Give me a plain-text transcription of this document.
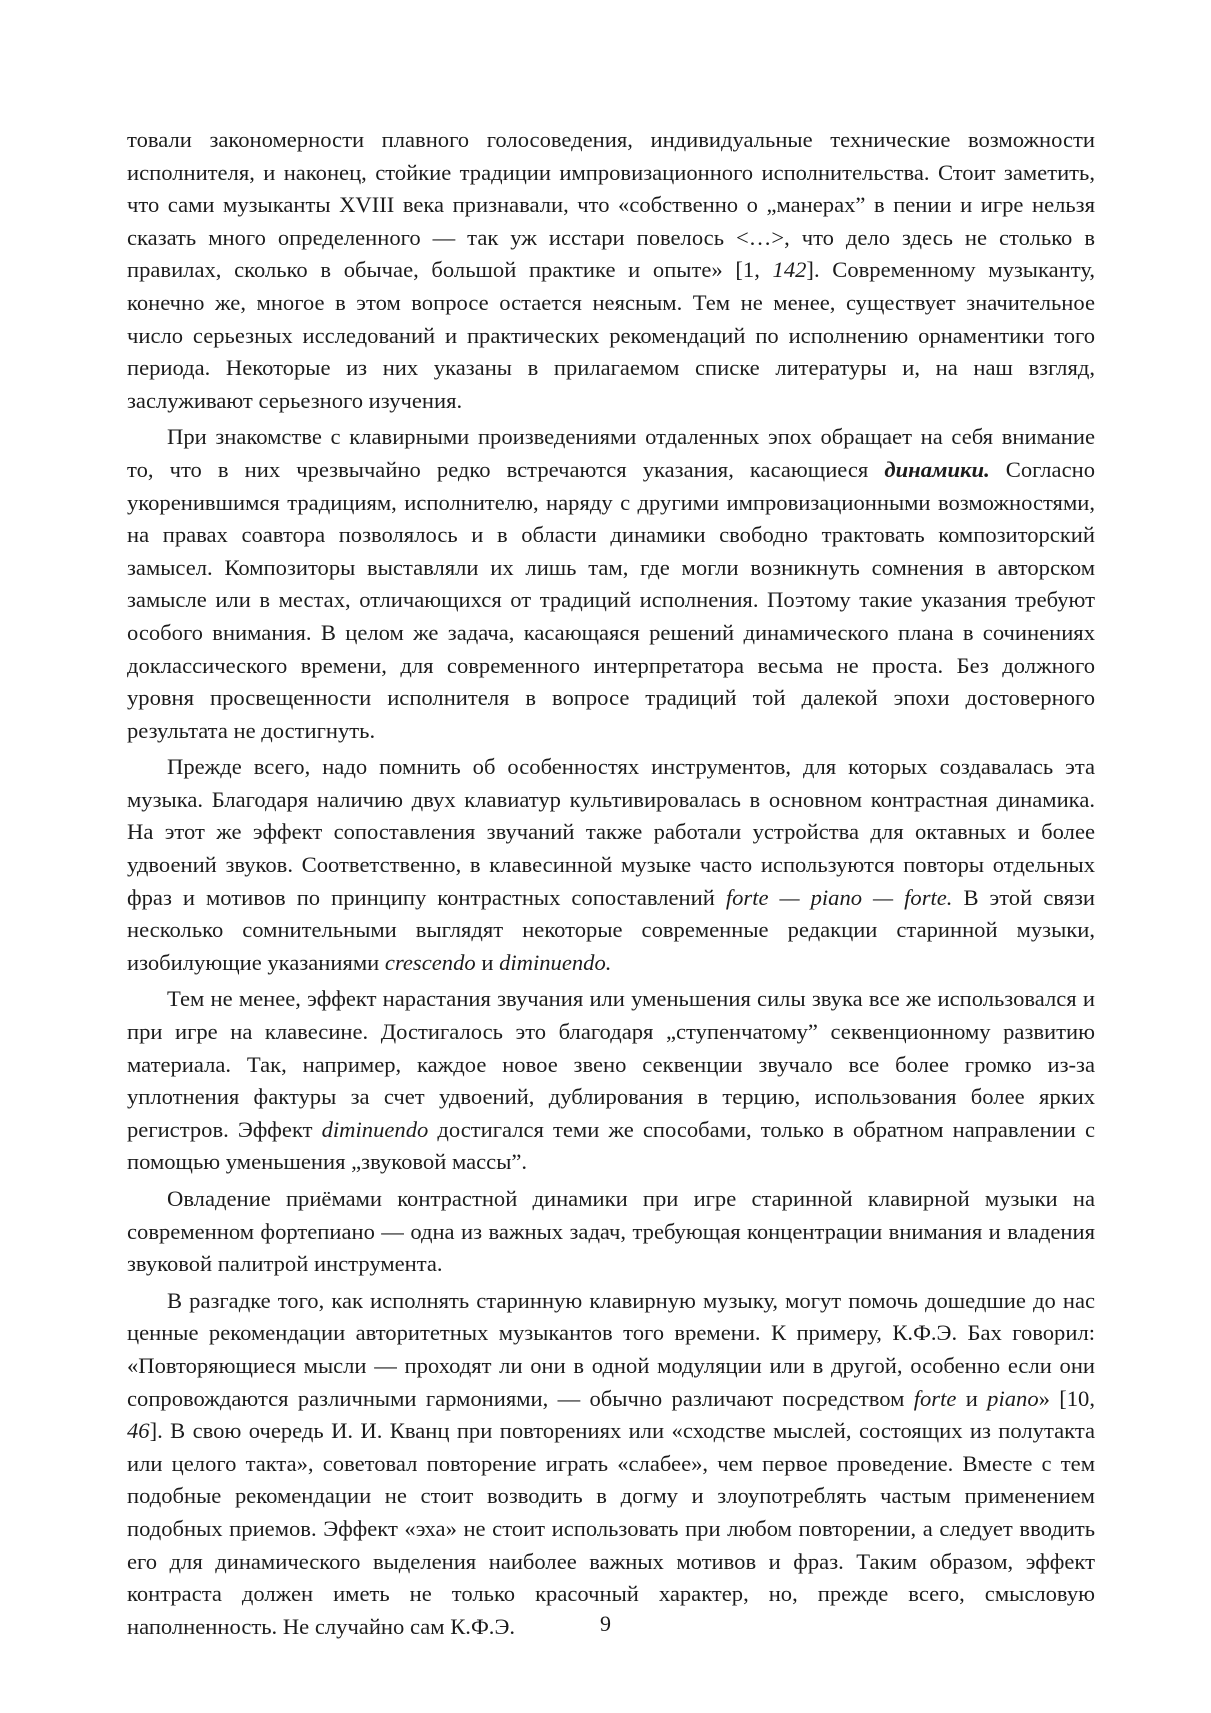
товали закономерности плавного голосоведения, индивидуальные технические возможности исполнителя, и наконец, стойкие традиции импровизационного исполнительства. Стоит заметить, что сами музыканты XVIII века признавали, что «собственно о „манерах” в пении и игре нельзя сказать много определенного — так уж исстари повелось <…>, что дело здесь не столько в правилах, сколько в обычае, большой практике и опыте» [1, 142]. Современному музыканту, конечно же, многое в этом вопросе остается неясным. Тем не менее, существует значительное число серьезных исследований и практических рекомендаций по исполнению орнаментики того периода. Некоторые из них указаны в прилагаемом списке литературы и, на наш взгляд, заслуживают серьезного изучения.

При знакомстве с клавирными произведениями отдаленных эпох обращает на себя внимание то, что в них чрезвычайно редко встречаются указания, касающиеся динамики. Согласно укоренившимся традициям, исполнителю, наряду с другими импровизационными возможностями, на правах соавтора позволялось и в области динамики свободно трактовать композиторский замысел. Композиторы выставляли их лишь там, где могли возникнуть сомнения в авторском замысле или в местах, отличающихся от традиций исполнения. Поэтому такие указания требуют особого внимания. В целом же задача, касающаяся решений динамического плана в сочинениях доклассического времени, для современного интерпретатора весьма не проста. Без должного уровня просвещенности исполнителя в вопросе традиций той далекой эпохи достоверного результата не достигнуть.

Прежде всего, надо помнить об особенностях инструментов, для которых создавалась эта музыка. Благодаря наличию двух клавиатур культивировалась в основном контрастная динамика. На этот же эффект сопоставления звучаний также работали устройства для октавных и более удвоений звуков. Соответственно, в клавесинной музыке часто используются повторы отдельных фраз и мотивов по принципу контрастных сопоставлений forte — piano — forte. В этой связи несколько сомнительными выглядят некоторые современные редакции старинной музыки, изобилующие указаниями crescendo и diminuendo.

Тем не менее, эффект нарастания звучания или уменьшения силы звука все же использовался и при игре на клавесине. Достигалось это благодаря „ступенчатому” секвенционному развитию материала. Так, например, каждое новое звено секвенции звучало все более громко из-за уплотнения фактуры за счет удвоений, дублирования в терцию, использования более ярких регистров. Эффект diminuendo достигался теми же способами, только в обратном направлении с помощью уменьшения „звуковой массы”.

Овладение приёмами контрастной динамики при игре старинной клавирной музыки на современном фортепиано — одна из важных задач, требующая концентрации внимания и владения звуковой палитрой инструмента.

В разгадке того, как исполнять старинную клавирную музыку, могут помочь дошедшие до нас ценные рекомендации авторитетных музыкантов того времени. К примеру, К.Ф.Э. Бах говорил: «Повторяющиеся мысли — проходят ли они в одной модуляции или в другой, особенно если они сопровождаются различными гармониями, — обычно различают посредством forte и piano» [10, 46]. В свою очередь И. И. Кванц при повторениях или «сходстве мыслей, состоящих из полутакта или целого такта», советовал повторение играть «слабее», чем первое проведение. Вместе с тем подобные рекомендации не стоит возводить в догму и злоупотреблять частым применением подобных приемов. Эффект «эха» не стоит использовать при любом повторении, а следует вводить его для динамического выделения наиболее важных мотивов и фраз. Таким образом, эффект контраста должен иметь не только красочный характер, но, прежде всего, смысловую наполненность. Не случайно сам К.Ф.Э.	9
